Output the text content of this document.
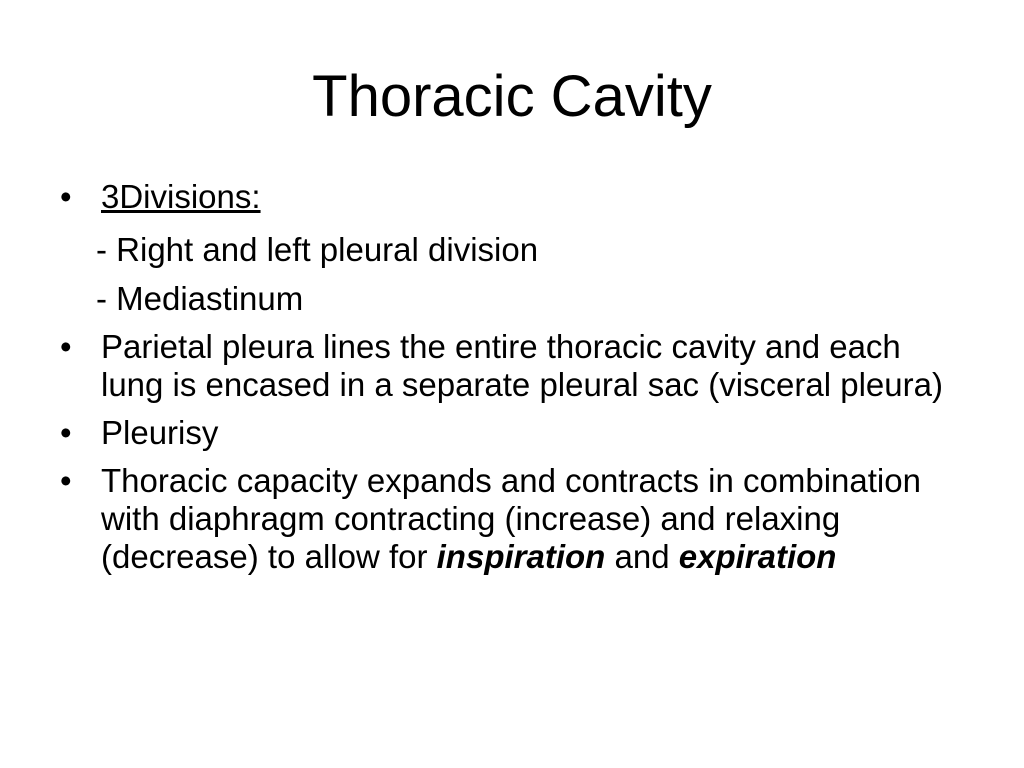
Thoracic Cavity
• 3Divisions:
- Right and left pleural division
- Mediastinum
• Parietal pleura lines the entire thoracic cavity and each lung is encased in a separate pleural sac (visceral pleura)
• Pleurisy
• Thoracic capacity expands and contracts in combination with diaphragm contracting (increase) and relaxing (decrease) to allow for inspiration and expiration
